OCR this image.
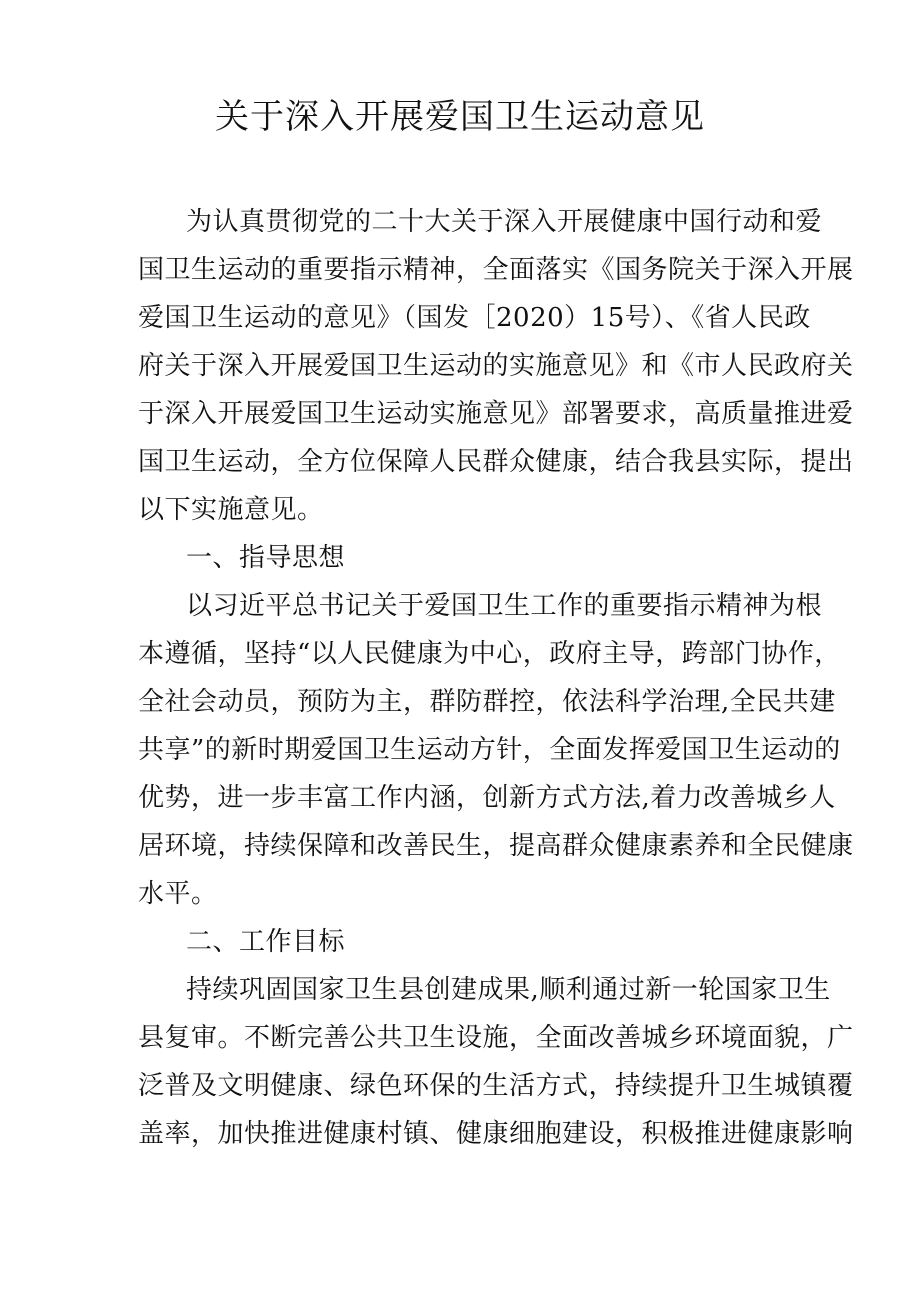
关于深入开展爱国卫生运动意见
为认真贯彻党的二十大关于深入开展健康中国行动和爱
国卫生运动的重要指示精神，全面落实《国务院关于深入开展
爱国卫生运动的意见》（国发［2020）15号）、《省人民政
府关于深入开展爱国卫生运动的实施意见》和《市人民政府关
于深入开展爱国卫生运动实施意见》部署要求，高质量推进爱
国卫生运动，全方位保障人民群众健康，结合我县实际，提出
以下实施意见。
一、指导思想
以习近平总书记关于爱国卫生工作的重要指示精神为根
本遵循，坚持“以人民健康为中心，政府主导，跨部门协作，
全社会动员，预防为主，群防群控，依法科学治理,全民共建
共享”的新时期爱国卫生运动方针，全面发挥爱国卫生运动的
优势，进一步丰富工作内涵，创新方式方法,着力改善城乡人
居环境，持续保障和改善民生，提高群众健康素养和全民健康
水平。
二、工作目标
持续巩固国家卫生县创建成果,顺利通过新一轮国家卫生
县复审。不断完善公共卫生设施，全面改善城乡环境面貌，广
泛普及文明健康、绿色环保的生活方式，持续提升卫生城镇覆
盖率，加快推进健康村镇、健康细胞建设，积极推进健康影响
